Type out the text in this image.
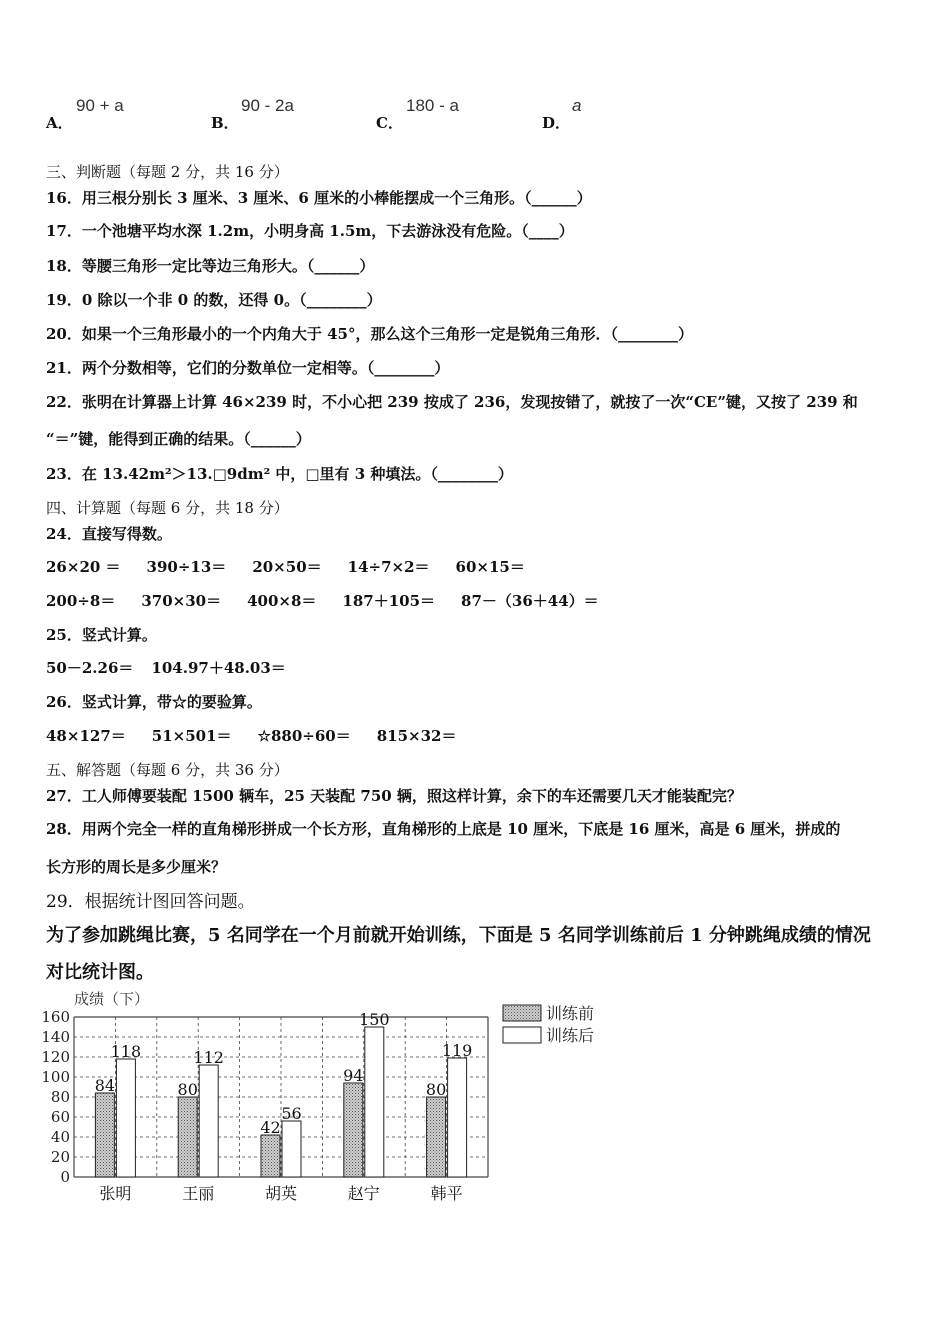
A．
90 + a
B．
90 - 2a
C．
180 - a
D．
a
三、判断题（每题 2 分，共 16 分）
16．用三根分别长 3 厘米、3 厘米、6 厘米的小棒能摆成一个三角形。（______）
17．一个池塘平均水深 1.2m，小明身高 1.5m，下去游泳没有危险。（____）
18．等腰三角形一定比等边三角形大。（______）
19．0 除以一个非 0 的数，还得 0。（________）
20．如果一个三角形最小的一个内角大于 45°，那么这个三角形一定是锐角三角形．（________）
21．两个分数相等，它们的分数单位一定相等。（________）
22．张明在计算器上计算 46×239 时，不小心把 239 按成了 236，发现按错了，就按了一次“CE”键，又按了 239 和
“＝”键，能得到正确的结果。（______）
23．在 13.42m²＞13.□9dm² 中，□里有 3 种填法。（________）
四、计算题（每题 6 分，共 18 分）
24．直接写得数。
26×20 ＝ 390÷13＝ 20×50＝ 14÷7×2＝ 60×15＝
200÷8＝ 370×30＝ 400×8＝ 187＋105＝ 87－（36＋44）＝
25．竖式计算。
50－2.26＝ 104.97＋48.03＝
26．竖式计算，带☆的要验算。
48×127＝ 51×501＝ ☆880÷60＝ 815×32＝
五、解答题（每题 6 分，共 36 分）
27．工人师傅要装配 1500 辆车，25 天装配 750 辆，照这样计算，余下的车还需要几天才能装配完？
28．用两个完全一样的直角梯形拼成一个长方形，直角梯形的上底是 10 厘米，下底是 16 厘米，高是 6 厘米，拼成的
长方形的周长是多少厘米？
29．根据统计图回答问题。
为了参加跳绳比赛，5 名同学在一个月前就开始训练，下面是 5 名同学训练前后 1 分钟跳绳成绩的情况
对比统计图。
成绩（下）
160
140
120
100
80
60
40
20
0
84
118
80
112
42
56
94
150
80
119
张明	王丽	胡英	赵宁	韩平
训练前
训练后
